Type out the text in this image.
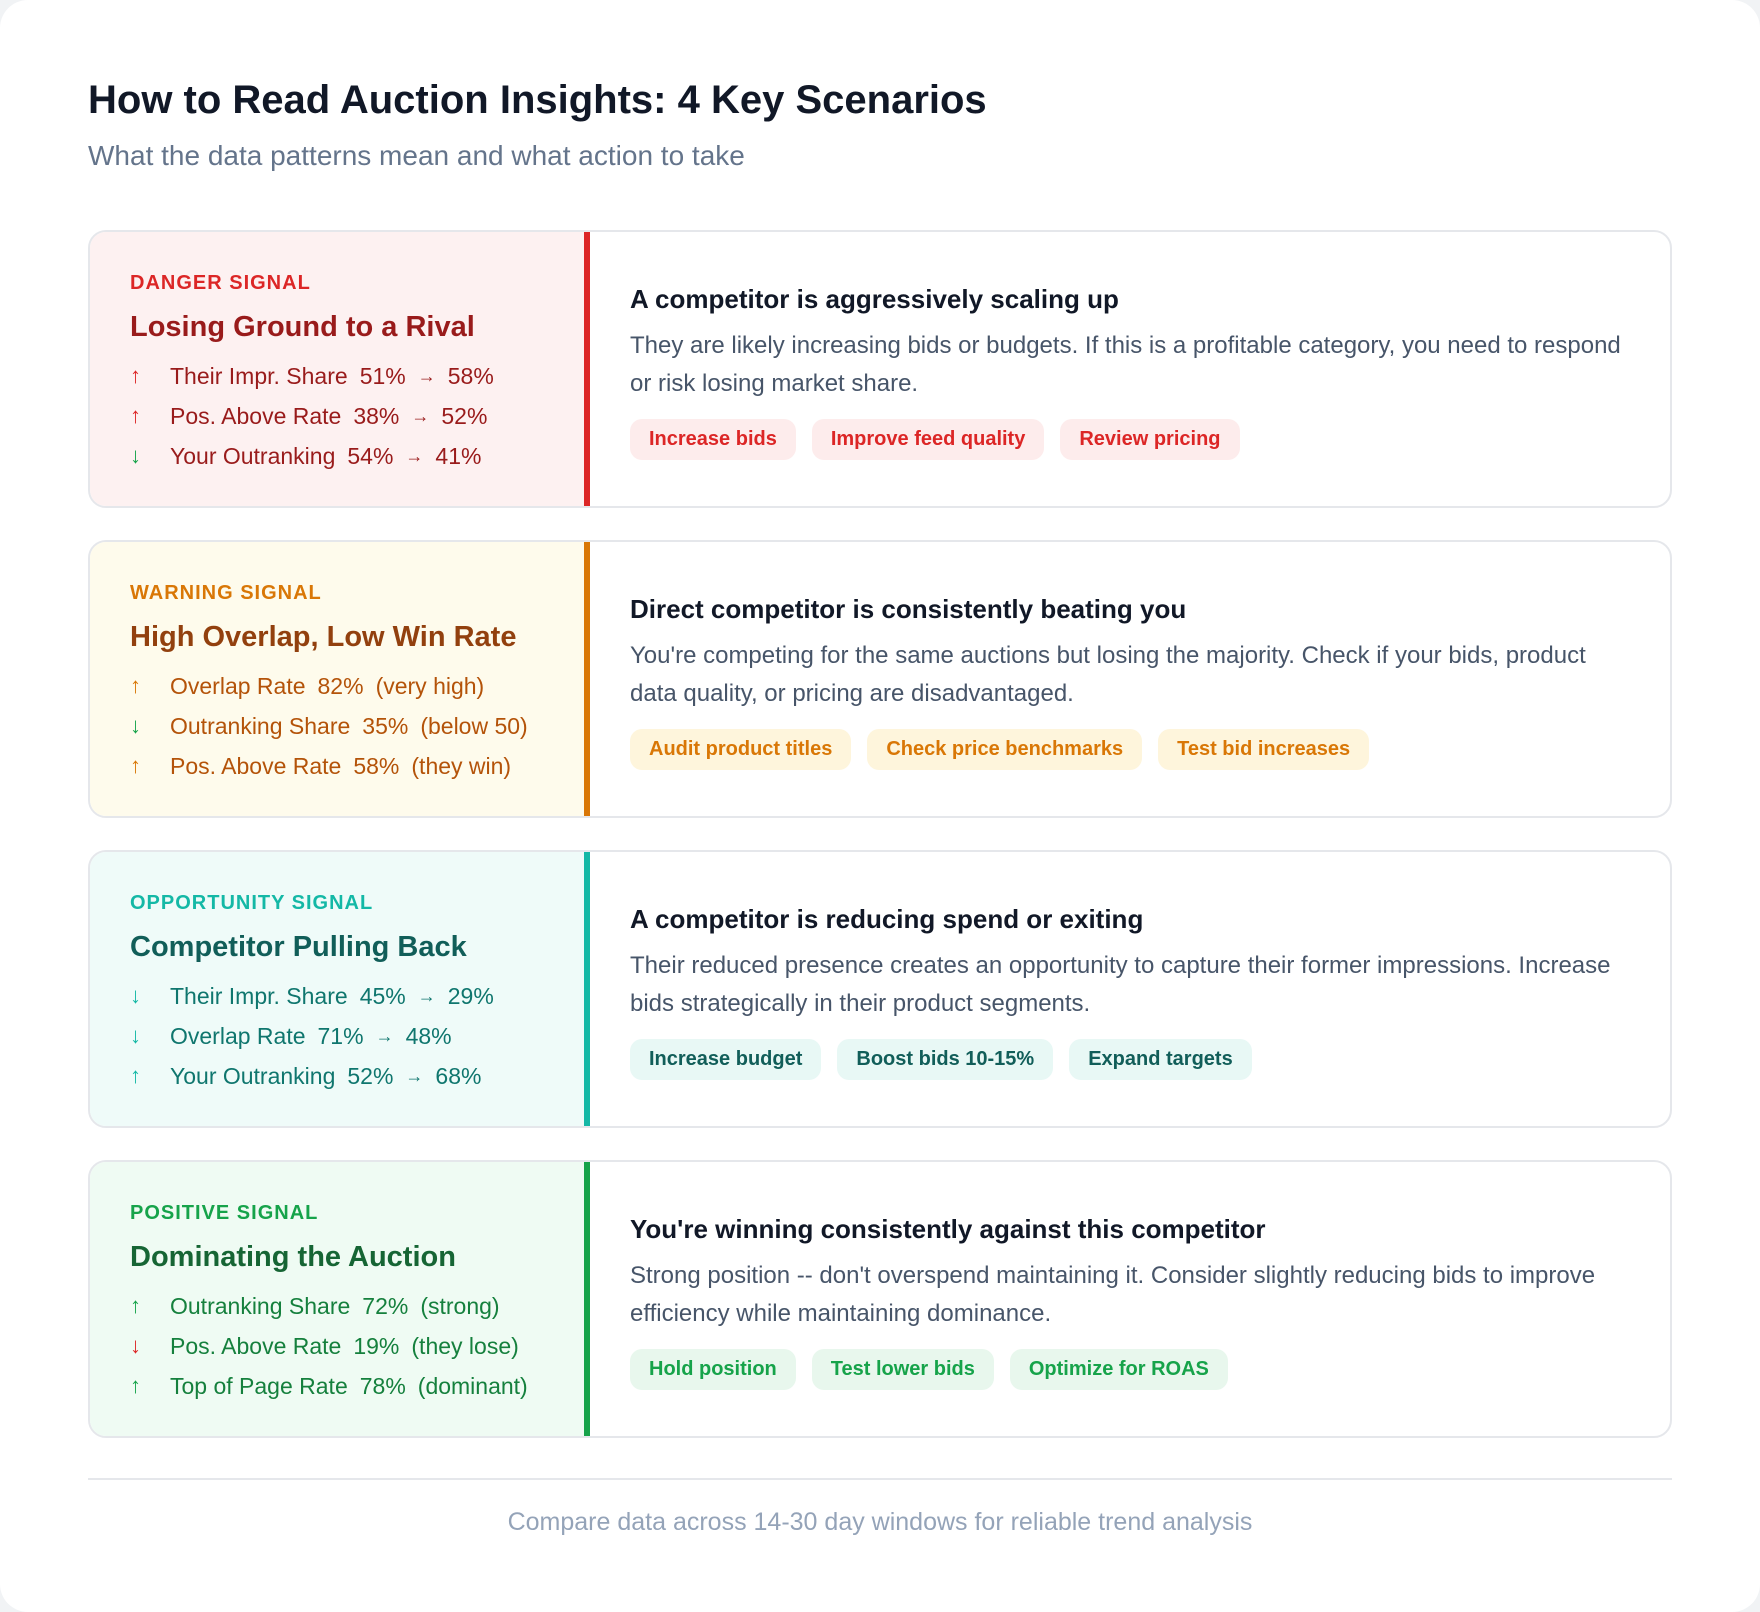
How to Read Auction Insights: 4 Key Scenarios

What the data patterns mean and what action to take

DANGER SIGNAL
Losing Ground to a Rival
↑	Their Impr. Share 51% → 58%
↑	Pos. Above Rate 38% → 52%
↓	Your Outranking 54% → 41%
A competitor is aggressively scaling up
They are likely increasing bids or budgets. If this is a profitable category, you need to respond or risk losing market share.
Increase bids	Improve feed quality	Review pricing
WARNING SIGNAL
High Overlap, Low Win Rate
↑	Overlap Rate 82% (very high)
↓	Outranking Share 35% (below 50)
↑	Pos. Above Rate 58% (they win)
Direct competitor is consistently beating you
You're competing for the same auctions but losing the majority. Check if your bids, product data quality, or pricing are disadvantaged.
Audit product titles	Check price benchmarks	Test bid increases
OPPORTUNITY SIGNAL
Competitor Pulling Back
↓	Their Impr. Share 45% → 29%
↓	Overlap Rate 71% → 48%
↑	Your Outranking 52% → 68%
A competitor is reducing spend or exiting
Their reduced presence creates an opportunity to capture their former impressions. Increase bids strategically in their product segments.
Increase budget	Boost bids 10-15%	Expand targets
POSITIVE SIGNAL
Dominating the Auction
↑	Outranking Share 72% (strong)
↓	Pos. Above Rate 19% (they lose)
↑	Top of Page Rate 78% (dominant)
You're winning consistently against this competitor
Strong position -- don't overspend maintaining it. Consider slightly reducing bids to improve efficiency while maintaining dominance.
Hold position	Test lower bids	Optimize for ROAS
Compare data across 14-30 day windows for reliable trend analysis
